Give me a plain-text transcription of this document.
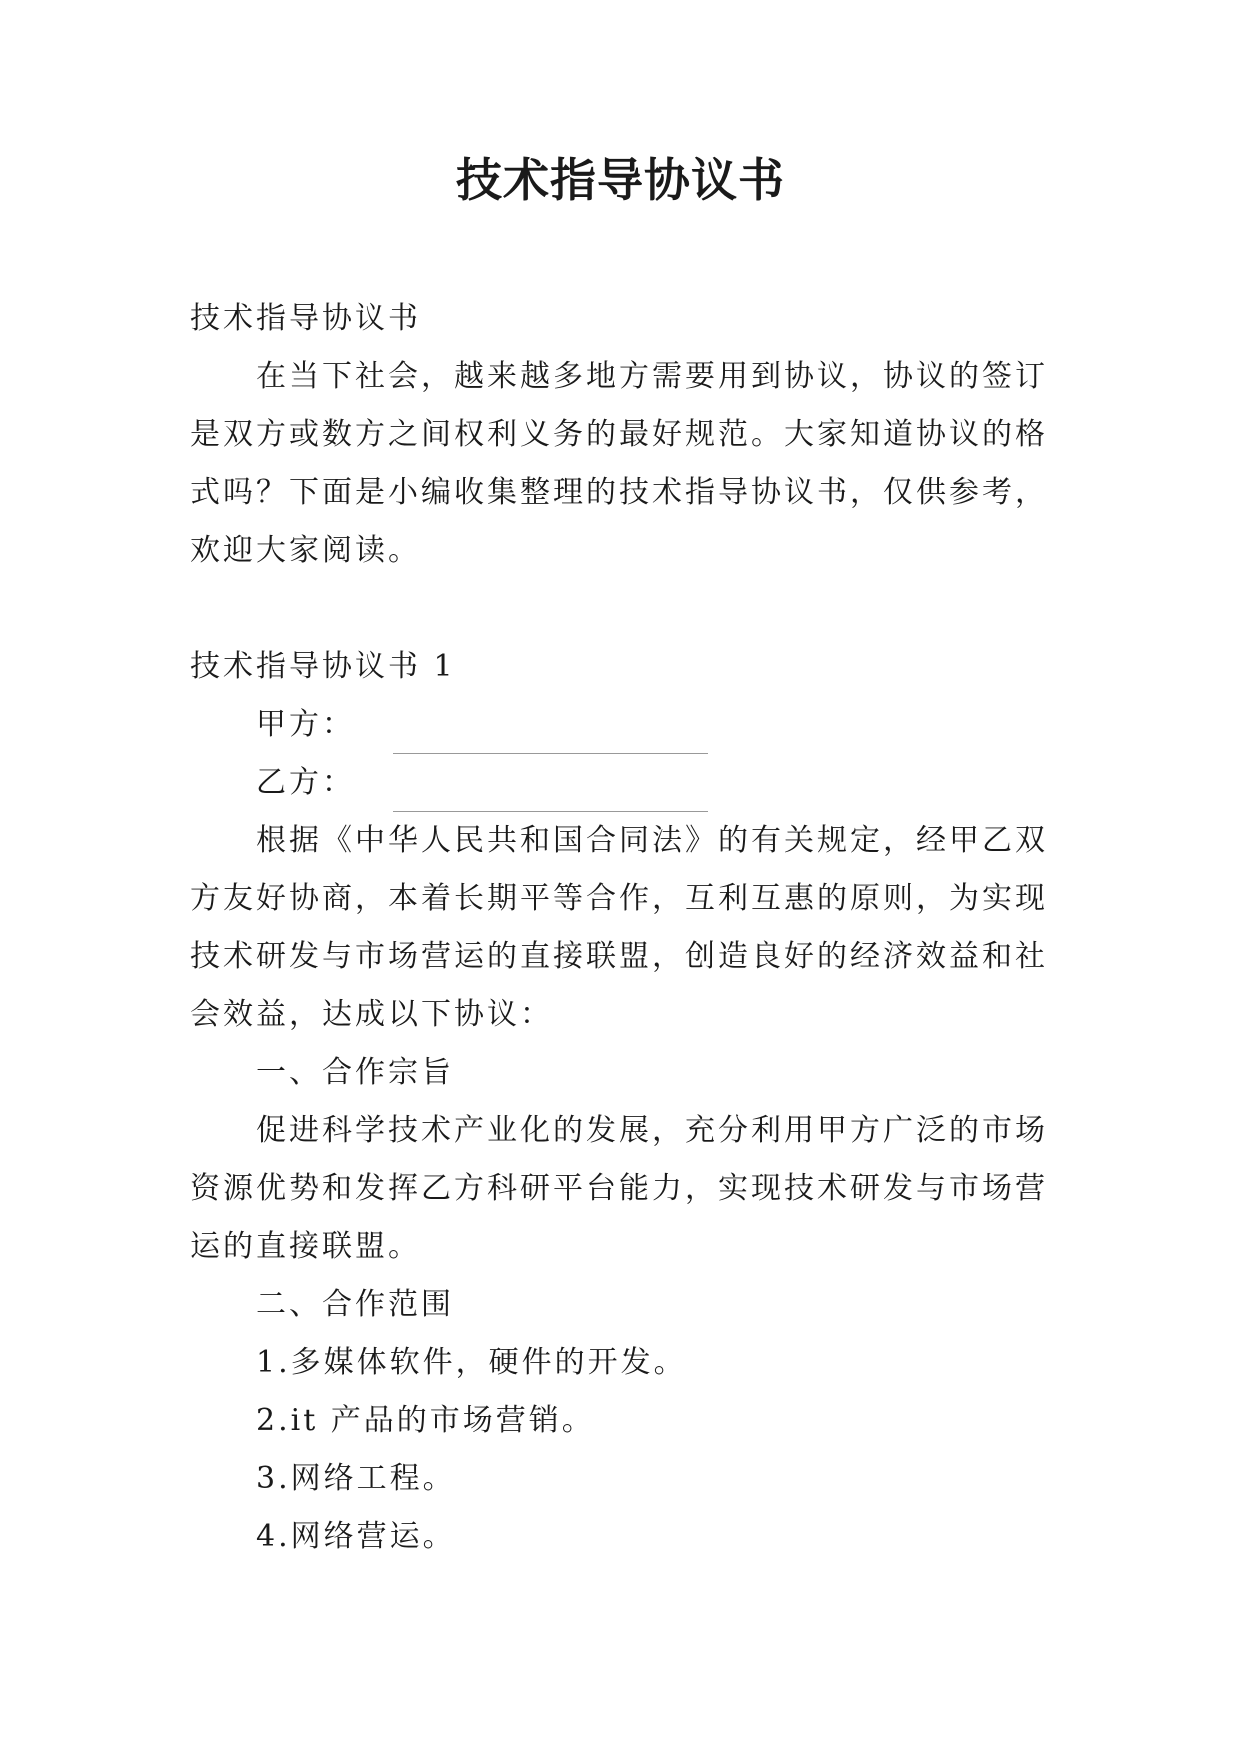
技术指导协议书
技术指导协议书
在当下社会，越来越多地方需要用到协议，协议的签订
是双方或数方之间权利义务的最好规范。大家知道协议的格
式吗？下面是小编收集整理的技术指导协议书，仅供参考，
欢迎大家阅读。
技术指导协议书 1
甲方：
乙方：
根据《中华人民共和国合同法》的有关规定，经甲乙双
方友好协商，本着长期平等合作，互利互惠的原则，为实现
技术研发与市场营运的直接联盟，创造良好的经济效益和社
会效益，达成以下协议：
一、合作宗旨
促进科学技术产业化的发展，充分利用甲方广泛的市场
资源优势和发挥乙方科研平台能力，实现技术研发与市场营
运的直接联盟。
二、合作范围
1.多媒体软件，硬件的开发。
2.it 产品的市场营销。
3.网络工程。
4.网络营运。
